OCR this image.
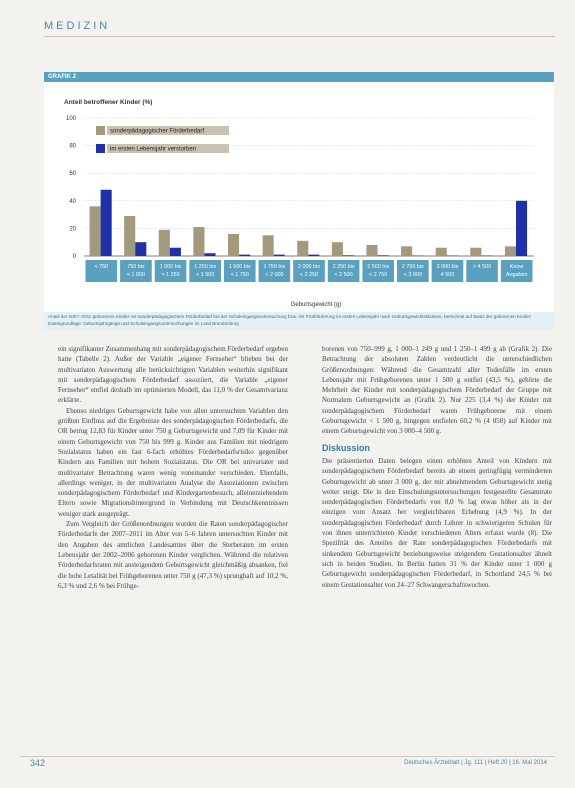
MEDIZIN
GRAFIK 2
Anteil betroffener Kinder (%)
Geburtsgewicht (g)
0
20
40
60
80
100
< 750	750 bis
< 1 000
1 000 bis
< 1 250
1 250 bis
< 1 500
1 500 bis
< 1 750
1 750 bis
< 2 000
2 000 bis
< 2 250
2 250 bis
< 2 500
2 500 bis
< 2 750
2 750 bis
< 3 000
3 000 bis
4 500
> 4 500	Keine
Angaben
sonderpädagogischer Förderbedarf
im ersten Lebensjahr verstorben
Anteil der 2007–2011 geborenen Kinder mit sonderpädagogischem Förderbedarf bei der Schuleingangsuntersuchung bzw. mit Frühförderung im ersten Lebensjahr nach Geburtsgewichtsklassen, berechnet auf Basis der geborenen Kinder; Datengrundlage: Geburtsjahrgänge und Schuleingangsuntersuchungen im Land Brandenburg

ein signifikanter Zusammenhang mit sonderpädagogischem Förderbedarf ergeben hatte (Tabelle 2). Außer der Variable „eigener Fernseher“ blieben bei der multivariaten Auswertung alle berücksichtigten Variablen weiterhin signifikant mit sonderpädagogischem Förderbedarf assoziiert, die Variable „eigener Fernseher“ entfiel deshalb im optimierten Modell, das 11,0 % der Gesamtvarianz erklärte.

Ebenso niedriges Geburtsgewicht habe von allen untersuchten Variablen den größten Einfluss auf die Ergebnisse des sonderpädagogischen Förderbedarfs, die OR betrug 12,83 für Kinder unter 750 g Geburtsgewicht und 7,09 für Kinder mit einem Geburtsgewicht von 750 bis 999 g. Kinder aus Familien mit niedrigem Sozialstatus haben ein fast 6-fach erhöhtes Förderbedarfsrisiko gegenüber Kindern aus Familien mit hohem Sozialstatus. Die OR bei univariater und multivariater Betrachtung waren wenig voneinander verschieden. Ebenfalls, allerdings weniger, in der multivariaten Analyse die Assoziationen zwischen sonderpädagogischem Förderbedarf und Kindergartenbesuch, alleinerziehendem Eltern sowie Migrationshintergrund in Verbindung mit Deutschkenntnissen weniger stark ausgeprägt.

Zum Vergleich der Größenordnungen wurden die Raten sonderpädagogischer Förderbedarfe der 2007–2011 im Alter von 5–6 Jahren untersuchten Kinder mit den Angaben des amtlichen Landesamtes über die Sterberaten im ersten Lebensjahr der 2002–2006 geborenen Kinder verglichen. Während die relativen Förderbedarfsraten mit ansteigendem Geburtsgewicht gleichmäßig absanken, fiel die hohe Letalität bei Frühgeborenen unter 750 g (47,3 %) sprunghaft auf 10,2 %, 6,3 % und 2,6 % bei Frühge-

borenen von 750–999 g, 1 000–1 249 g und 1 250–1 499 g ab (Grafik 2). Die Betrachtung der absoluten Zahlen verdeutlicht die unterschiedlichen Größenordnungen: Während die Gesamtzahl aller Todesfälle im ersten Lebensjahr mit Frühgeborenen unter 1 500 g entfiel (43,5 %), gehörte die Mehrheit der Kinder mit sonderpädagogischem Förderbedarf der Gruppe mit Normalem Geburtsgewicht an (Grafik 2). Nur 225 (3,4 %) der Kinder mit sonderpädagogischem Förderbedarf waren Frühgeborene mit einem Geburtsgewicht < 1 500 g, hingegen entfielen 60,2 % (4 850) auf Kinder mit einem Geburtsgewicht von 3 000–4 500 g.

Diskussion

Die präsentierten Daten belegen einen erhöhten Anteil von Kindern mit sonderpädagogischem Förderbedarf bereits ab einem geringfügig verminderten Geburtsgewicht ab unter 3 000 g, der mit abnehmendem Geburtsgewicht stetig weiter steigt. Die in den Einschulungsuntersuchungen festgestellte Gesamtrate sonderpädagogischen Förderbedarfs von 8,0 % lag etwas höher als in der einzigen vom Ansatz her vergleichbaren Erhebung (4,9 %). In der sonderpädagogischen Förderbedarf durch Lehrer in schwierigeren Schulen für von ihnen unterrichteten Kinder verschiedenen Alters erfasst wurde (8). Die Spezifität des Anteiles der Rate sonderpädagogischen Förderbedarfs mit sinkendem Geburtsgewicht beziehungsweise steigendem Gestationsalter ähnelt sich in beiden Studien. In Berlin hatten 31 % der Kinder unter 1 000 g Geburtsgewicht sonderpädagogischen Förderbedarf, in Schottland 24,5 % bei einem Gestationsalter von 24–27 Schwangerschaftswochen.

342	Deutsches Ärzteblatt | Jg. 111 | Heft 20 | 16. Mai 2014
